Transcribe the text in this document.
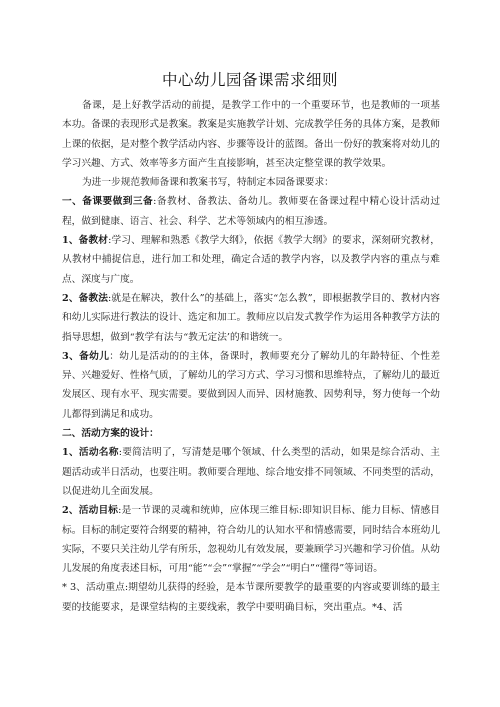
中心幼儿园备课需求细则

备课，是上好教学活动的前提，是教学工作中的一个重要环节，也是教师的一项基本功。备课的表现形式是教案。教案是实施教学计划、完成教学任务的具体方案，是教师上课的依据，是对整个教学活动内容、步骤等设计的蓝图。备出一份好的教案将对幼儿的学习兴趣、方式、效率等多方面产生直接影响，甚至决定整堂课的教学效果。

为进一步规范教师备课和教案书写，特制定本园备课要求：

一、备课要做到三备:备教材、备教法、备幼儿。教师要在备课过程中精心设计活动过程，做到健康、语言、社会、科学、艺术等领域内的相互渗透。

1、备教材:学习、理解和熟悉《教学大纲》，依据《教学大纲》的要求，深刻研究教材，从教材中捕捉信息，进行加工和处理，确定合适的教学内容，以及教学内容的重点与难点、深度与广度。

2、备教法:就是在解决，教什么”的基础上，落实“怎么教”，即根据教学目的、教材内容和幼儿实际进行教法的设计、选定和加工。教师应以启发式教学作为运用各种教学方法的指导思想，做到“教学有法与“教无定法’的和谐统一。

3、备幼儿：幼儿是活动的的主体，备课时，教师要充分了解幼儿的年龄特征、个性差异、兴趣爱好、性格气质，了解幼儿的学习方式、学习习惯和思维特点，了解幼儿的最近发展区、现有水平、现实需要。要做到因人而异、因材施教、因势利导，努力使每一个幼儿都得到满足和成功。

二、活动方案的设计：

1、活动名称:要简洁明了，写清楚是哪个领域、什么类型的活动，如果是综合活动、主题活动或半日活动，也要注明。教师要合理地、综合地安排不同领域、不同类型的活动，以促进幼儿全面发展。

2、活动目标:是一节课的灵魂和统帅，应体现三维目标:即知识目标、能力目标、情感目标。目标的制定要符合纲要的精神，符合幼儿的认知水平和情感需要，同时结合本班幼儿实际，不要只关注幼儿学有所乐，忽视幼儿有效发展，要兼顾学习兴趣和学习价值。从幼儿发展的角度表述目标，可用“能”“会”“掌握”“学会”“明白”“懂得”等词语。

* 3、活动重点:期望幼儿获得的经验，是本节课所要教学的最重要的内容或要训练的最主要的技能要求，是课堂结构的主要线索，教学中要明确目标，突出重点。*4、活
